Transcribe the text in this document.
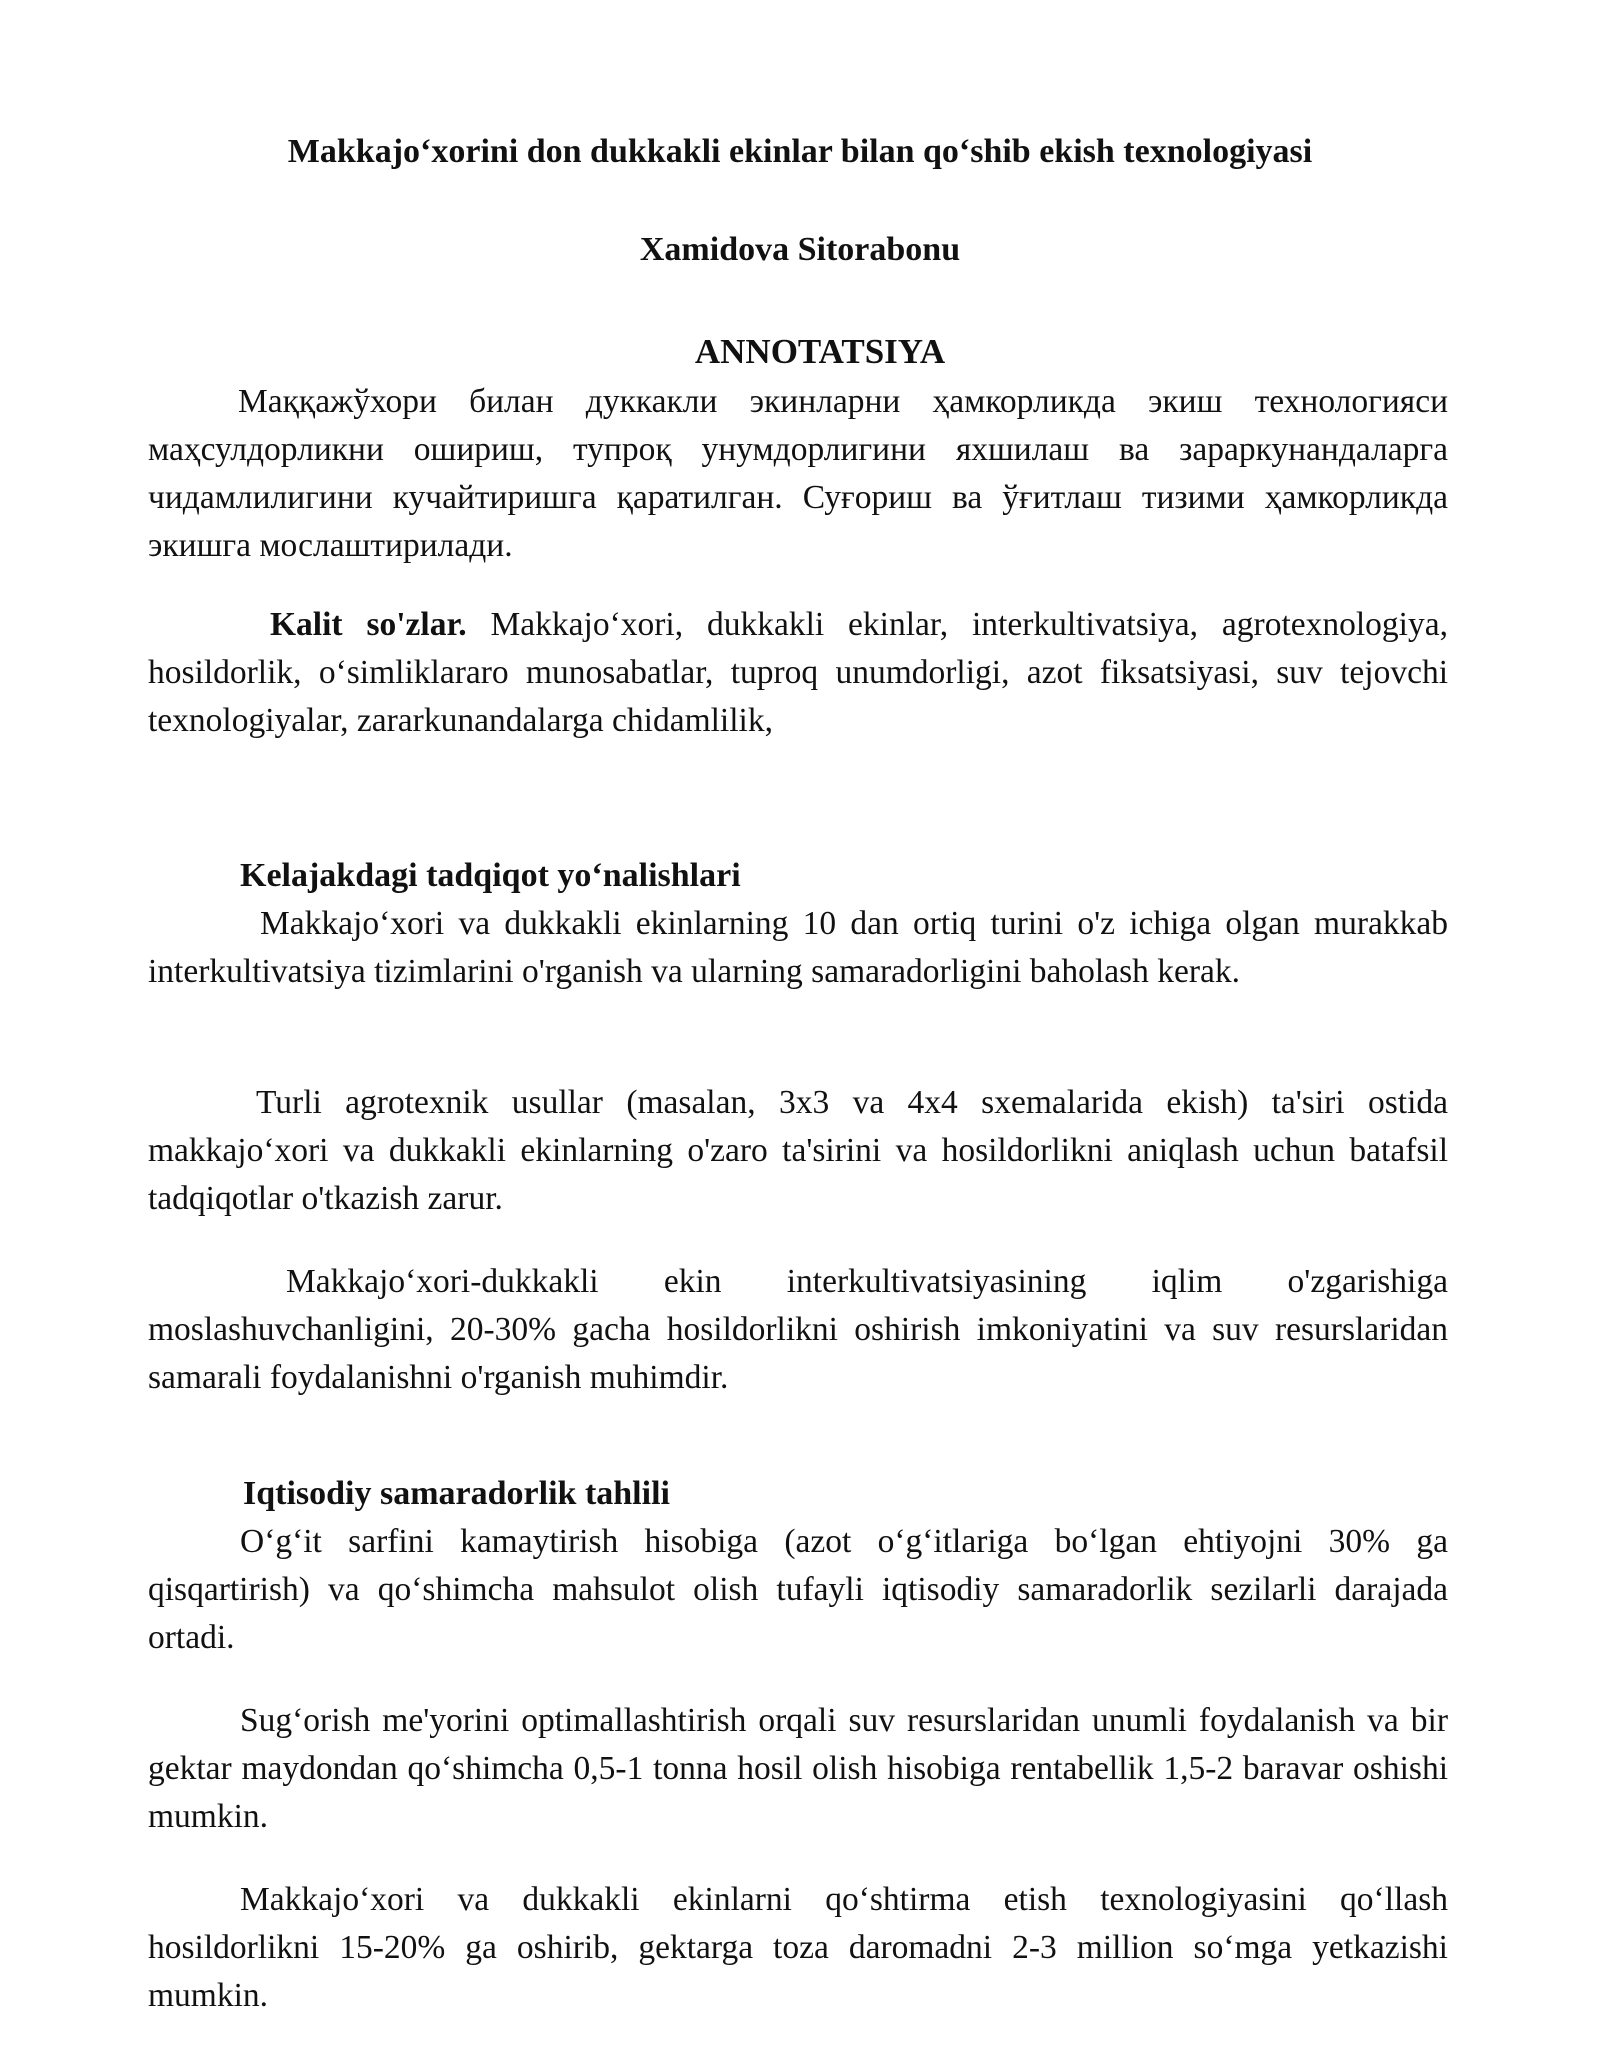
Makkajo‘xorini don dukkakli ekinlar bilan qo‘shib ekish texnologiyasi
Xamidova Sitorabonu
ANNOTATSIYA
Маққажўхори билан дуккакли экинларни ҳамкорликда экиш технологияси маҳсулдорликни ошириш, тупроқ унумдорлигини яхшилаш ва зараркунандаларга чидамлилигини кучайтиришга қаратилган. Суғориш ва ўғитлаш тизими ҳамкорликда экишга мослаштирилади.
Kalit so'zlar. Makkajo‘xori, dukkakli ekinlar, interkultivatsiya, agrotexnologiya, hosildorlik, o‘simliklararo munosabatlar, tuproq unumdorligi, azot fiksatsiyasi, suv tejovchi texnologiyalar, zararkunandalarga chidamlilik,
Kelajakdagi tadqiqot yo‘nalishlari
Makkajo‘xori va dukkakli ekinlarning 10 dan ortiq turini o'z ichiga olgan murakkab interkultivatsiya tizimlarini o'rganish va ularning samaradorligini baholash kerak.
Turli agrotexnik usullar (masalan, 3x3 va 4x4 sxemalarida ekish) ta'siri ostida makkajo‘xori va dukkakli ekinlarning o'zaro ta'sirini va hosildorlikni aniqlash uchun batafsil tadqiqotlar o'tkazish zarur.
Makkajo‘xori-dukkakli ekin interkultivatsiyasining iqlim o'zgarishiga moslashuvchanligini, 20-30% gacha hosildorlikni oshirish imkoniyatini va suv resurslaridan samarali foydalanishni o'rganish muhimdir.
Iqtisodiy samaradorlik tahlili
O‘g‘it sarfini kamaytirish hisobiga (azot o‘g‘itlariga bo‘lgan ehtiyojni 30% ga qisqartirish) va qo‘shimcha mahsulot olish tufayli iqtisodiy samaradorlik sezilarli darajada ortadi.
Sug‘orish me'yorini optimallashtirish orqali suv resurslaridan unumli foydalanish va bir gektar maydondan qo‘shimcha 0,5-1 tonna hosil olish hisobiga rentabellik 1,5-2 baravar oshishi mumkin.
Makkajo‘xori va dukkakli ekinlarni qo‘shtirma etish texnologiyasini qo‘llash hosildorlikni 15-20% ga oshirib, gektarga toza daromadni 2-3 million so‘mga yetkazishi mumkin.
